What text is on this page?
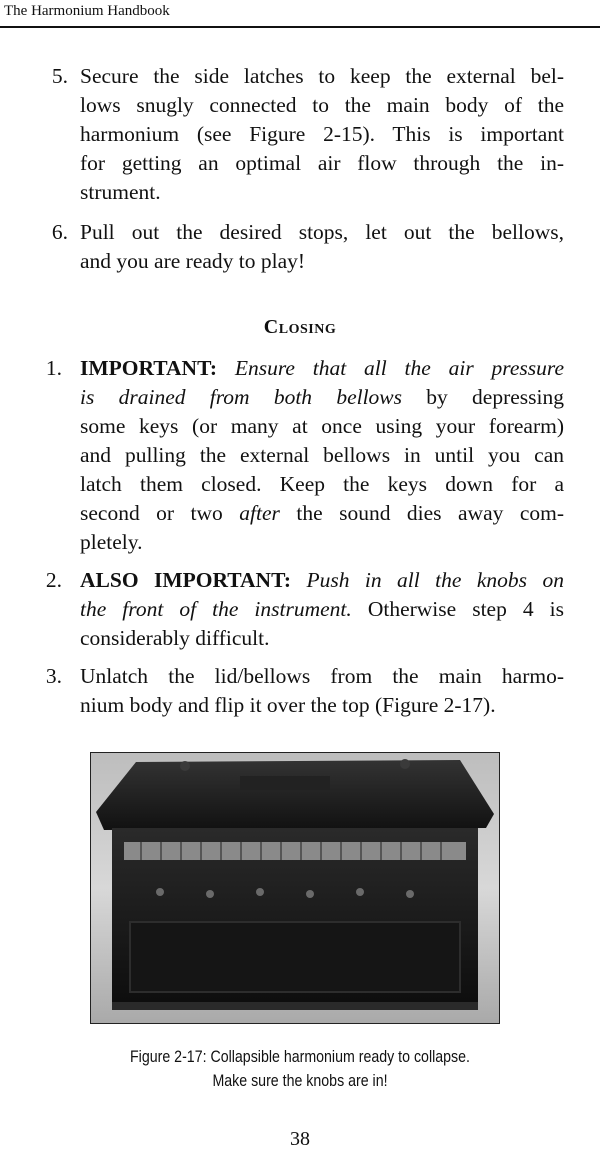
The Harmonium Handbook
5. Secure the side latches to keep the external bel-
lows snugly connected to the main body of the
harmonium (see Figure 2-15). This is important
for getting an optimal air flow through the in-
strument.
6. Pull out the desired stops, let out the bellows,
and you are ready to play!
Closing
1. IMPORTANT: Ensure that all the air pressure
is drained from both bellows by depressing
some keys (or many at once using your forearm)
and pulling the external bellows in until you can
latch them closed. Keep the keys down for a
second or two after the sound dies away com-
pletely.
2. ALSO IMPORTANT: Push in all the knobs on
the front of the instrument. Otherwise step 4 is
considerably difficult.
3. Unlatch the lid/bellows from the main harmo-
nium body and flip it over the top (Figure 2-17).
Figure 2-17: Collapsible harmonium ready to collapse.
Make sure the knobs are in!
38
